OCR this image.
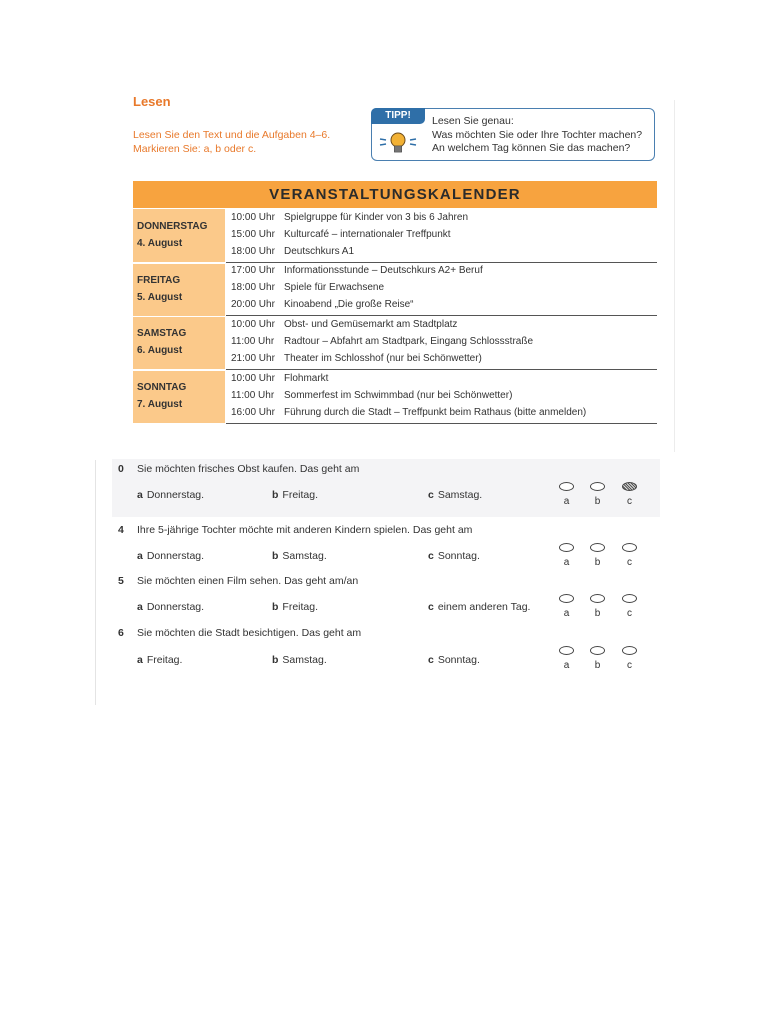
Lesen
Lesen Sie den Text und die Aufgaben 4–6.
Markieren Sie: a, b oder c.
TIPP!	Lesen Sie genau:
Was möchten Sie oder Ihre Tochter machen?
An welchem Tag können Sie das machen?
VERANSTALTUNGSKALENDER
DONNERSTAG
4. August
10:00 Uhr Spielgruppe für Kinder von 3 bis 6 Jahren
15:00 Uhr Kulturcafé – internationaler Treffpunkt
18:00 Uhr Deutschkurs A1
FREITAG
5. August
17:00 Uhr Informationsstunde – Deutschkurs A2+ Beruf
18:00 Uhr Spiele für Erwachsene
20:00 Uhr Kinoabend „Die große Reise“
SAMSTAG
6. August
10:00 Uhr Obst- und Gemüsemarkt am Stadtplatz
11:00 Uhr Radtour – Abfahrt am Stadtpark, Eingang Schlossstraße
21:00 Uhr Theater im Schlosshof (nur bei Schönwetter)
SONNTAG
7. August
10:00 Uhr Flohmarkt
11:00 Uhr Sommerfest im Schwimmbad (nur bei Schönwetter)
16:00 Uhr Führung durch die Stadt – Treffpunkt beim Rathaus (bitte anmelden)
0 Sie möchten frisches Obst kaufen. Das geht am
a Donnerstag.	b Freitag.	c Samstag.
a	b	c
4 Ihre 5-jährige Tochter möchte mit anderen Kindern spielen. Das geht am
a Donnerstag.	b Samstag.	c Sonntag.
a	b	c
5 Sie möchten einen Film sehen. Das geht am/an
a Donnerstag.	b Freitag.	c einem anderen Tag.
a	b	c
6 Sie möchten die Stadt besichtigen. Das geht am
a Freitag.	b Samstag.	c Sonntag.	a	b	c
